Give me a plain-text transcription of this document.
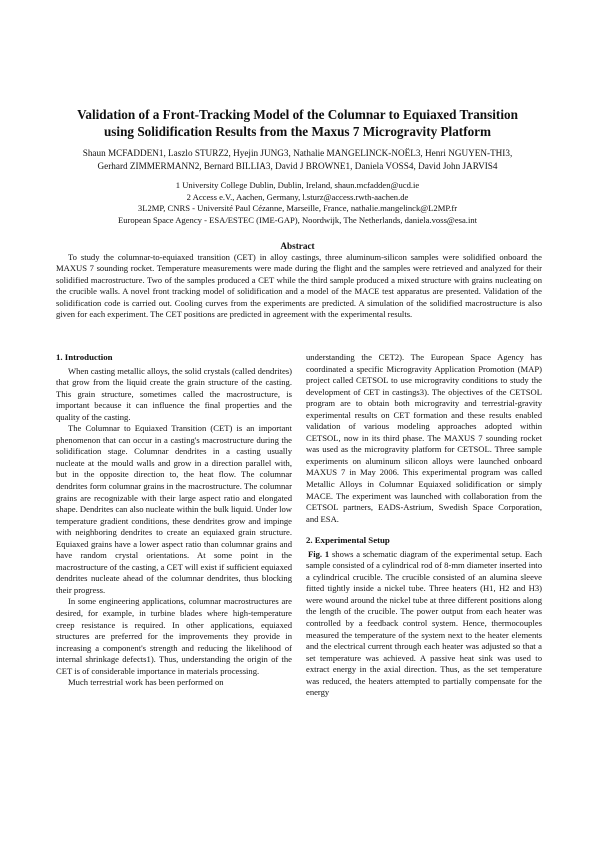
Validation of a Front-Tracking Model of the Columnar to Equiaxed Transition
using Solidification Results from the Maxus 7 Microgravity Platform
Shaun MCFADDEN1, Laszlo STURZ2, Hyejin JUNG3, Nathalie MANGELINCK-NOËL3, Henri NGUYEN-THI3,
Gerhard ZIMMERMANN2, Bernard BILLIA3, David J BROWNE1, Daniela VOSS4, David John JARVIS4
1 University College Dublin, Dublin, Ireland, shaun.mcfadden@ucd.ie
2 Access e.V., Aachen, Germany, l.sturz@access.rwth-aachen.de
3L2MP, CNRS - Université Paul Cézanne, Marseille, France, nathalie.mangelinck@L2MP.fr
European Space Agency - ESA/ESTEC (IME-GAP), Noordwijk, The Netherlands, daniela.voss@esa.int
Abstract
To study the columnar-to-equiaxed transition (CET) in alloy castings, three aluminum-silicon samples were solidified onboard the MAXUS 7 sounding rocket. Temperature measurements were made during the flight and the samples were retrieved and analyzed for their solidified macrostructure. Two of the samples produced a CET while the third sample produced a mixed structure with grains nucleating on the crucible walls. A novel front tracking model of solidification and a model of the MACE test apparatus are presented. Validation of the solidification code is carried out. Cooling curves from the experiments are predicted. A simulation of the solidified macrostructure is also given for each experiment. The CET positions are predicted in agreement with the experimental results.
1. Introduction

When casting metallic alloys, the solid crystals (called dendrites) that grow from the liquid create the grain structure of the casting. This grain structure, sometimes called the macrostructure, is important because it can influence the final properties and the quality of the casting.

The Columnar to Equiaxed Transition (CET) is an important phenomenon that can occur in a casting's macrostructure during the solidification stage. Columnar dendrites in a casting usually nucleate at the mould walls and grow in a direction parallel with, but in the opposite direction to, the heat flow. The columnar dendrites form columnar grains in the macrostructure. The columnar grains are recognizable with their large aspect ratio and elongated shape. Dendrites can also nucleate within the bulk liquid. Under low temperature gradient conditions, these dendrites grow and impinge with neighboring dendrites to create an equiaxed grain structure. Equiaxed grains have a lower aspect ratio than columnar grains and have random crystal orientations. At some point in the macrostructure of the casting, a CET will exist if sufficient equiaxed dendrites nucleate ahead of the columnar dendrites, thus blocking their progress.

In some engineering applications, columnar macrostructures are desired, for example, in turbine blades where high-temperature creep resistance is required. In other applications, equiaxed structures are preferred for the improvements they provide in increasing a component's strength and reducing the likelihood of internal shrinkage defects1). Thus, understanding the origin of the CET is of considerable importance in materials processing.

Much terrestrial work has been performed on

understanding the CET2). The European Space Agency has coordinated a specific Microgravity Application Promotion (MAP) project called CETSOL to use microgravity conditions to study the development of CET in castings3). The objectives of the CETSOL program are to obtain both microgravity and terrestrial-gravity experimental results on CET formation and these results enabled validation of various modeling approaches adopted within CETSOL, now in its third phase. The MAXUS 7 sounding rocket was used as the microgravity platform for CETSOL. Three sample experiments on aluminum silicon alloys were launched onboard MAXUS 7 in May 2006. This experimental program was called Metallic Alloys in Columnar Equiaxed solidification or simply MACE. The experiment was launched with collaboration from the CETSOL partners, EADS-Astrium, Swedish Space Corporation, and ESA.

2. Experimental Setup

Fig. 1 shows a schematic diagram of the experimental setup. Each sample consisted of a cylindrical rod of 8-mm diameter inserted into a cylindrical crucible. The crucible consisted of an alumina sleeve fitted tightly inside a nickel tube. Three heaters (H1, H2 and H3) were wound around the nickel tube at three different positions along the length of the crucible. The power output from each heater was controlled by a feedback control system. Hence, thermocouples measured the temperature of the system next to the heater elements and the electrical current through each heater was adjusted so that a set temperature was achieved. A passive heat sink was used to extract energy in the axial direction. Thus, as the set temperature was reduced, the heaters attempted to partially compensate for the energy
